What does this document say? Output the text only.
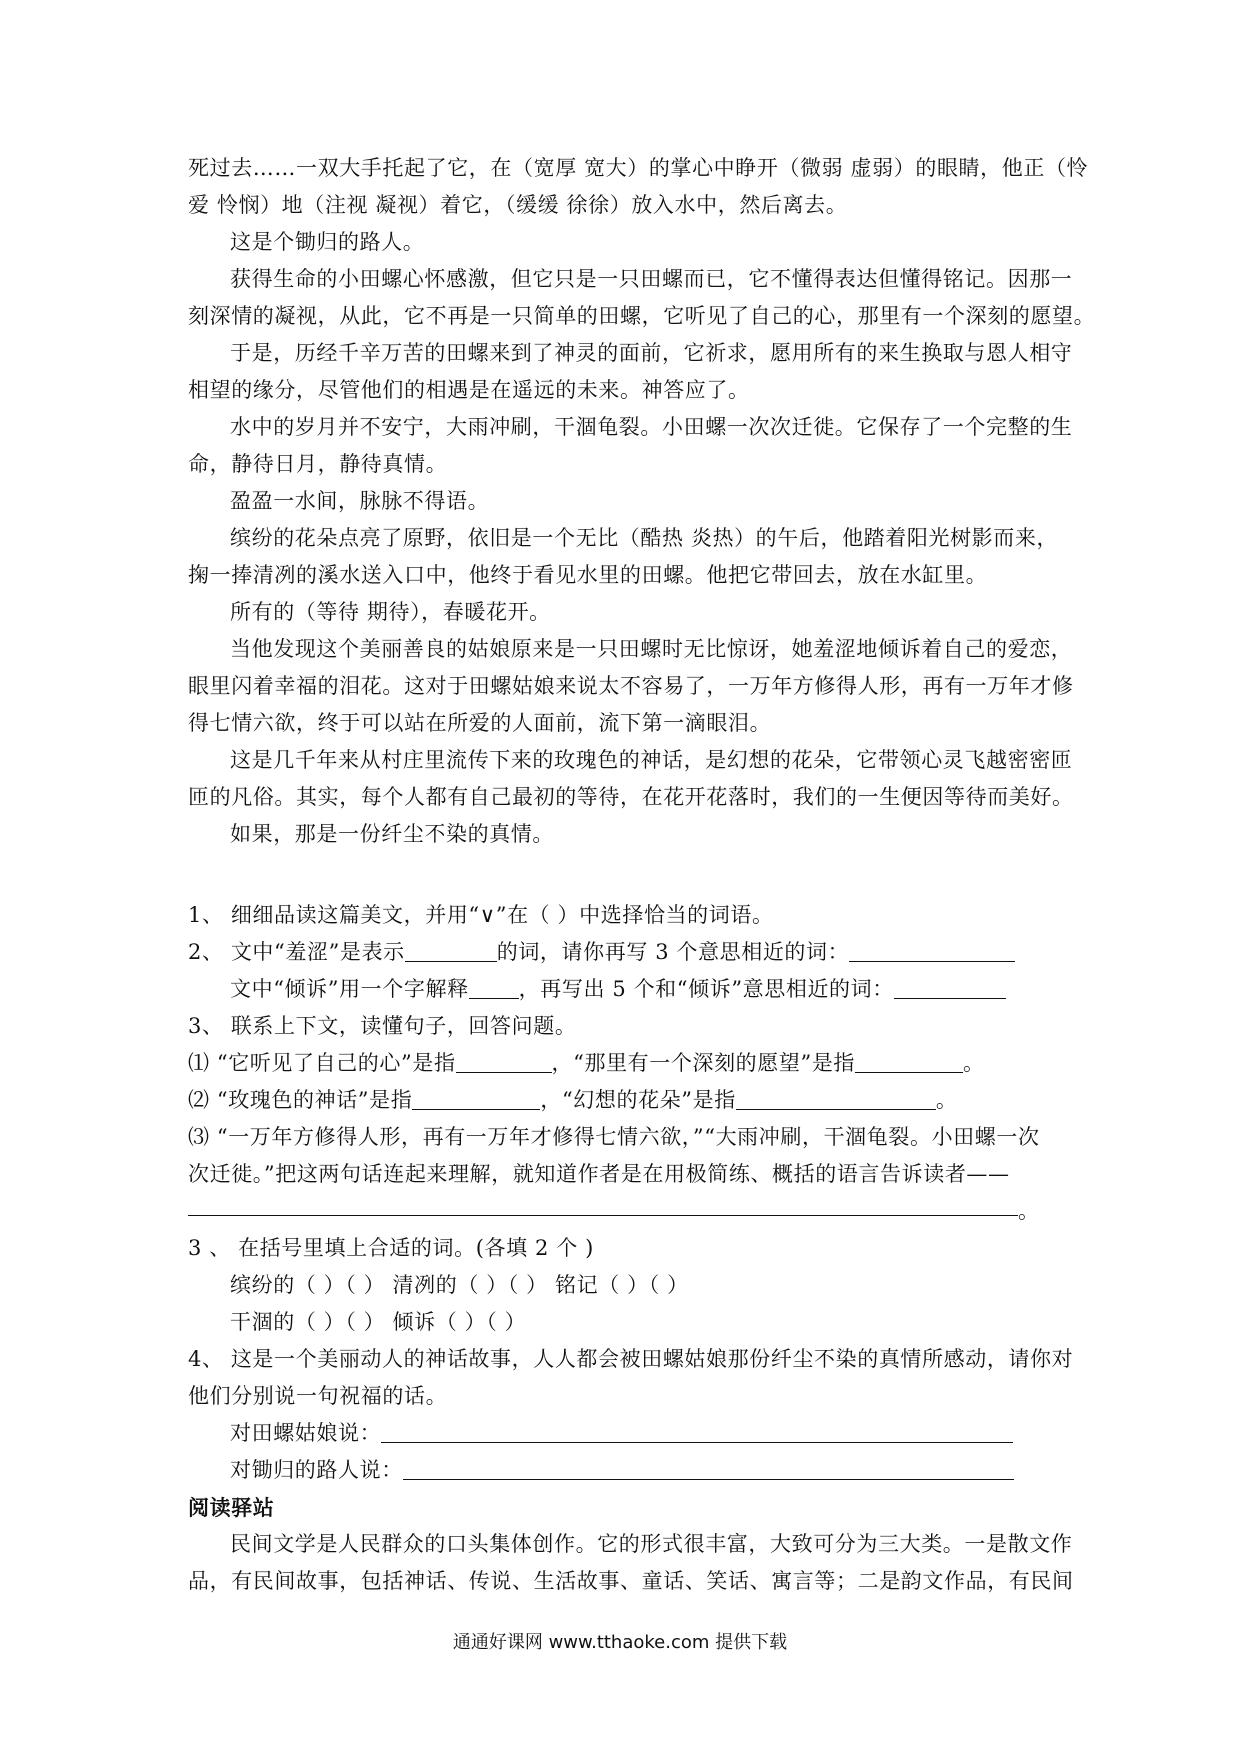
死过去……一双大手托起了它，在（宽厚 宽大）的掌心中睁开（微弱 虚弱）的眼睛，他正（怜
爱 怜悯）地（注视 凝视）着它，（缓缓 徐徐）放入水中，然后离去。
这是个锄归的路人。
获得生命的小田螺心怀感激，但它只是一只田螺而已，它不懂得表达但懂得铭记。因那一
刻深情的凝视，从此，它不再是一只简单的田螺，它听见了自己的心，那里有一个深刻的愿望。
于是，历经千辛万苦的田螺来到了神灵的面前，它祈求，愿用所有的来生换取与恩人相守
相望的缘分，尽管他们的相遇是在遥远的未来。神答应了。
水中的岁月并不安宁，大雨冲刷，干涸龟裂。小田螺一次次迁徙。它保存了一个完整的生
命，静待日月，静待真情。
盈盈一水间，脉脉不得语。
缤纷的花朵点亮了原野，依旧是一个无比（酷热 炎热）的午后，他踏着阳光树影而来，
掬一捧清冽的溪水送入口中，他终于看见水里的田螺。他把它带回去，放在水缸里。
所有的（等待 期待），春暖花开。
当他发现这个美丽善良的姑娘原来是一只田螺时无比惊讶，她羞涩地倾诉着自己的爱恋，
眼里闪着幸福的泪花。这对于田螺姑娘来说太不容易了，一万年方修得人形，再有一万年才修
得七情六欲，终于可以站在所爱的人面前，流下第一滴眼泪。
这是几千年来从村庄里流传下来的玫瑰色的神话，是幻想的花朵，它带领心灵飞越密密匝
匝的凡俗。其实，每个人都有自己最初的等待，在花开花落时，我们的一生便因等待而美好。
如果，那是一份纤尘不染的真情。
1、 细细品读这篇美文，并用“∨”在（ ）中选择恰当的词语。
2、 文中“羞涩”是表示	的词，请你再写 3 个意思相近的词：
文中“倾诉”用一个字解释 ，再写出 5 个和“倾诉”意思相近的词：
3、 联系上下文，读懂句子，回答问题。
⑴ “它听见了自己的心”是指	，“那里有一个深刻的愿望”是指	。
⑵ “玫瑰色的神话”是指	，“幻想的花朵”是指	。
⑶ “一万年方修得人形，再有一万年才修得七情六欲，”“大雨冲刷，干涸龟裂。小田螺一次
次迁徙。”把这两句话连起来理解，就知道作者是在用极简练、概括的语言告诉读者——
。
3 、 在括号里填上合适的词。(各填 2 个 )
缤纷的（ ）（ ） 清冽的（ ）（ ） 铭记（ ）（ ）
干涸的（ ）（ ） 倾诉（ ）（ ）
4、 这是一个美丽动人的神话故事，人人都会被田螺姑娘那份纤尘不染的真情所感动，请你对
他们分别说一句祝福的话。
对田螺姑娘说：
对锄归的路人说：
阅读驿站
民间文学是人民群众的口头集体创作。它的形式很丰富，大致可分为三大类。一是散文作
品，有民间故事，包括神话、传说、生活故事、童话、笑话、寓言等；二是韵文作品，有民间
通通好课网 www.tthaoke.com 提供下载
